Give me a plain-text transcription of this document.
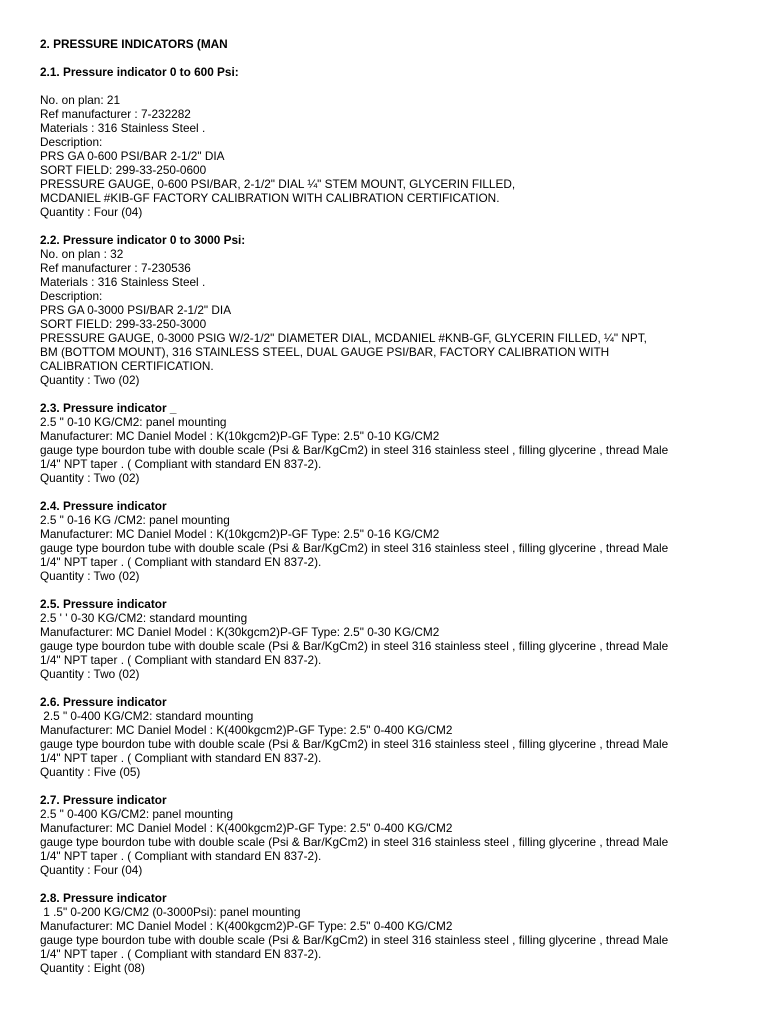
2. PRESSURE INDICATORS (MAN
2.1. Pressure indicator 0 to 600 Psi:
No. on plan: 21
Ref manufacturer : 7-232282
Materials : 316 Stainless Steel .
Description:
PRS GA 0-600 PSI/BAR 2-1/2" DIA
SORT FIELD: 299-33-250-0600
PRESSURE GAUGE, 0-600 PSI/BAR, 2-1/2" DIAL ¼" STEM MOUNT, GLYCERIN FILLED,
MCDANIEL #KIB-GF FACTORY CALIBRATION WITH CALIBRATION CERTIFICATION.
Quantity : Four (04)
2.2. Pressure indicator 0 to 3000 Psi:
No. on plan : 32
Ref manufacturer : 7-230536
Materials : 316 Stainless Steel .
Description:
PRS GA 0-3000 PSI/BAR 2-1/2" DIA
SORT FIELD: 299-33-250-3000
PRESSURE GAUGE, 0-3000 PSIG W/2-1/2" DIAMETER DIAL, MCDANIEL #KNB-GF, GLYCERIN FILLED, ¼" NPT,
BM (BOTTOM MOUNT), 316 STAINLESS STEEL, DUAL GAUGE PSI/BAR, FACTORY CALIBRATION WITH
CALIBRATION CERTIFICATION.
Quantity : Two (02)
2.3. Pressure indicator _
2.5 " 0-10 KG/CM2: panel mounting
Manufacturer: MC Daniel Model : K(10kgcm2)P-GF Type: 2.5" 0-10 KG/CM2
gauge type bourdon tube with double scale (Psi & Bar/KgCm2) in steel 316 stainless steel , filling glycerine , thread Male
1/4" NPT taper . ( Compliant with standard EN 837-2).
Quantity : Two (02)
2.4. Pressure indicator
2.5 " 0-16 KG /CM2: panel mounting
Manufacturer: MC Daniel Model : K(10kgcm2)P-GF Type: 2.5" 0-16 KG/CM2
gauge type bourdon tube with double scale (Psi & Bar/KgCm2) in steel 316 stainless steel , filling glycerine , thread Male
1/4" NPT taper . ( Compliant with standard EN 837-2).
Quantity : Two (02)
2.5. Pressure indicator
2.5 ' ' 0-30 KG/CM2: standard mounting
Manufacturer: MC Daniel Model : K(30kgcm2)P-GF Type: 2.5" 0-30 KG/CM2
gauge type bourdon tube with double scale (Psi & Bar/KgCm2) in steel 316 stainless steel , filling glycerine , thread Male
1/4" NPT taper . ( Compliant with standard EN 837-2).
Quantity : Two (02)
2.6. Pressure indicator
2.5 " 0-400 KG/CM2: standard mounting
Manufacturer: MC Daniel Model : K(400kgcm2)P-GF Type: 2.5" 0-400 KG/CM2
gauge type bourdon tube with double scale (Psi & Bar/KgCm2) in steel 316 stainless steel , filling glycerine , thread Male
1/4" NPT taper . ( Compliant with standard EN 837-2).
Quantity : Five (05)
2.7. Pressure indicator
2.5 " 0-400 KG/CM2: panel mounting
Manufacturer: MC Daniel Model : K(400kgcm2)P-GF Type: 2.5" 0-400 KG/CM2
gauge type bourdon tube with double scale (Psi & Bar/KgCm2) in steel 316 stainless steel , filling glycerine , thread Male
1/4" NPT taper . ( Compliant with standard EN 837-2).
Quantity : Four (04)
2.8. Pressure indicator
1 .5" 0-200 KG/CM2 (0-3000Psi): panel mounting
Manufacturer: MC Daniel Model : K(400kgcm2)P-GF Type: 2.5" 0-400 KG/CM2
gauge type bourdon tube with double scale (Psi & Bar/KgCm2) in steel 316 stainless steel , filling glycerine , thread Male
1/4" NPT taper . ( Compliant with standard EN 837-2).
Quantity : Eight (08)
